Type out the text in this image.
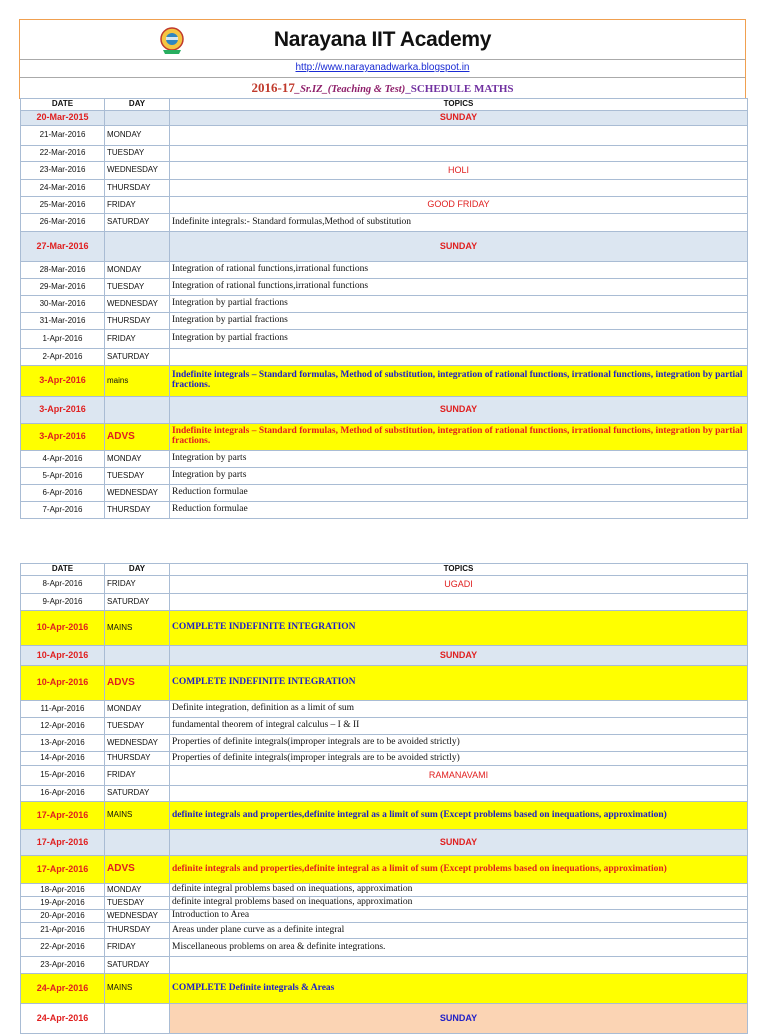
Narayana IIT Academy
http://www.narayanadwarka.blogspot.in
2016-17_Sr.IZ_(Teaching & Test)_SCHEDULE MATHS
DATE	DAY	TOPICS
20-Mar-2015		SUNDAY
21-Mar-2016	MONDAY	
22-Mar-2016	TUESDAY	
23-Mar-2016	WEDNESDAY	HOLI
24-Mar-2016	THURSDAY	
25-Mar-2016	FRIDAY	GOOD FRIDAY
26-Mar-2016	SATURDAY	Indefinite integrals:- Standard formulas,Method of substitution
27-Mar-2016		SUNDAY
28-Mar-2016	MONDAY	Integration of rational functions,irrational functions
29-Mar-2016	TUESDAY	Integration of rational functions,irrational functions
30-Mar-2016	WEDNESDAY	Integration by partial fractions
31-Mar-2016	THURSDAY	Integration by partial fractions
1-Apr-2016	FRIDAY	Integration by partial fractions
2-Apr-2016	SATURDAY	
3-Apr-2016	mains	Indefinite integrals – Standard formulas, Method of substitution, integration of rational functions, irrational functions, integration by partial fractions.
3-Apr-2016		SUNDAY
3-Apr-2016	ADVS	Indefinite integrals – Standard formulas, Method of substitution, integration of rational functions, irrational functions, integration by partial fractions.
4-Apr-2016	MONDAY	Integration by parts
5-Apr-2016	TUESDAY	Integration by parts
6-Apr-2016	WEDNESDAY	Reduction formulae
7-Apr-2016	THURSDAY	Reduction formulae
DATE	DAY	TOPICS
8-Apr-2016	FRIDAY	UGADI
9-Apr-2016	SATURDAY	
10-Apr-2016	MAINS	COMPLETE INDEFINITE INTEGRATION
10-Apr-2016		SUNDAY
10-Apr-2016	ADVS	COMPLETE INDEFINITE INTEGRATION
11-Apr-2016	MONDAY	Definite integration, definition as a limit of sum
12-Apr-2016	TUESDAY	fundamental theorem of integral calculus – I & II
13-Apr-2016	WEDNESDAY	Properties of definite integrals(improper integrals are to be avoided strictly)
14-Apr-2016	THURSDAY	Properties of definite integrals(improper integrals are to be avoided strictly)
15-Apr-2016	FRIDAY	RAMANAVAMI
16-Apr-2016	SATURDAY	
17-Apr-2016	MAINS	definite integrals and properties,definite integral as a limit of sum (Except problems based on inequations, approximation)
17-Apr-2016		SUNDAY
17-Apr-2016	ADVS	definite integrals and properties,definite integral as a limit of sum (Except problems based on inequations, approximation)
18-Apr-2016	MONDAY	definite integral problems based on inequations, approximation
19-Apr-2016	TUESDAY	definite integral problems based on inequations, approximation
20-Apr-2016	WEDNESDAY	Introduction to Area
21-Apr-2016	THURSDAY	Areas under plane curve as a definite integral
22-Apr-2016	FRIDAY	Miscellaneous problems on area & definite integrations.
23-Apr-2016	SATURDAY	
24-Apr-2016	MAINS	COMPLETE Definite integrals & Areas
24-Apr-2016		SUNDAY
